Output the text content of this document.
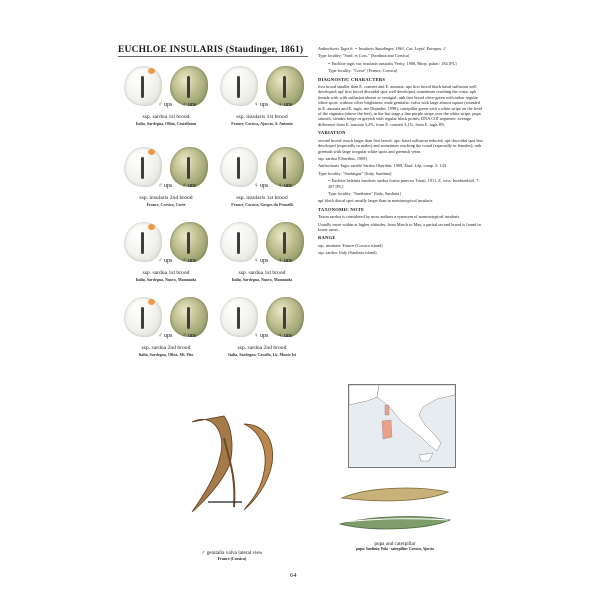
EUCHLOE INSULARIS (Staudinger, 1861)
♂ ups ♂ uns
ssp. sardoa 1st brood
Italia, Sardegna, Olbia, Castelfatan
♀ ups ♀ uns
ssp. insularis 1st brood
France, Corsica, Ajaccio, S. Antonio
♂ ups ♂ uns
ssp. insularis 2nd brood
France, Corsica, Corte
♀ ups ♀ uns
ssp. insularis 1st brood
France, Corsica, Gorges du Prunelli
♂ ups ♂ uns
ssp. sardoa 1st brood
Italia, Sardegna, Nuoro, Mamoiada
♀ ups ♀ uns
ssp. sardoa 1st brood
Italia, Sardegna, Nuoro, Mamoiada
♂ ups ♂ uns
ssp. sardoa 2nd brood
Italia, Sardegna, Olbia, Mt. Pito
♀ ups ♀ uns
ssp. sardoa 2nd brood
Italia, Sardegna, Cavallo, Lk. Monte Isi

Anthocharis Tagis b. = Insularis Staudinger, 1861, Cat. Lepid. Europas: 2

Type locality: "Sard. et Cors." [Sardinia and Corsica]

= Euchloe tagis var. insularis australis Verity, 1908, Rhop. palae.: 184 [PL]

Type locality: "Corse" [France, Corsica]

DIAGNOSTIC CHARACTERS

first brood smaller than E. crameri and E. ausonia; ups first brood black basal suffusion well developed; upf first brood discoidal spot well developed, sometimes reaching the costa; uph female with with suffusion absent or vestigial; unh first brood olive-green with rather regular white spots, without silver brightness; male genitalia: valva with large almost square (rounded in E. ausonia and E. tagis, see Dujardin, 1998); caterpillar green with a white stripe on the level of the stigmata (above the feet), in the last stage a fine purple stripe over the white stripe; pupa smooth, slender, beige or greyish with regular black points; DNA COI sequence: average difference from E. ausonia 3,2%, from E. crameri 3,1%, from E. tagis 8%

VARIATION

second brood: much larger than first brood; ups: basal suffusion reduced; upf discoidal spot less developed (especially in males) and sometimes reaching the costal (especially in females); unh greenish with large irregular white spots and greenish veins

ssp. sardoa (Oberthür, 1909)

Anthocharis Tagis variété Sardoa Oberthür, 1909, Étud. Lép. comp. 3: 143

Type locality: "Sardaigne" [Italy, Sardinia]

= Euchloe belemia insularis sardoa forma praecox Turati, 1911, Z. wiss. Insektenbiol. 7: 207 [PL]

Type locality: "Sardinien" [Italy, Sardinia]

upf black discal spot usually larger than in nominotypical insularis

TAXONOMIC NOTE

Taxon sardoa is considered by most authors a synonym of nominotypical insularis.

Usually more within at higher altitudes, from March to May, a partial second brood is found in lower areas.

RANGE

ssp. insularis: France (Corsica island)

ssp. sardoa: Italy (Sardinia island)

♂ genitalia valva lateral view
France (Corsica)
pupa and caterpillar
pupa: Sardinia, Pula - caterpillar: Corsica, Ajaccio
64
